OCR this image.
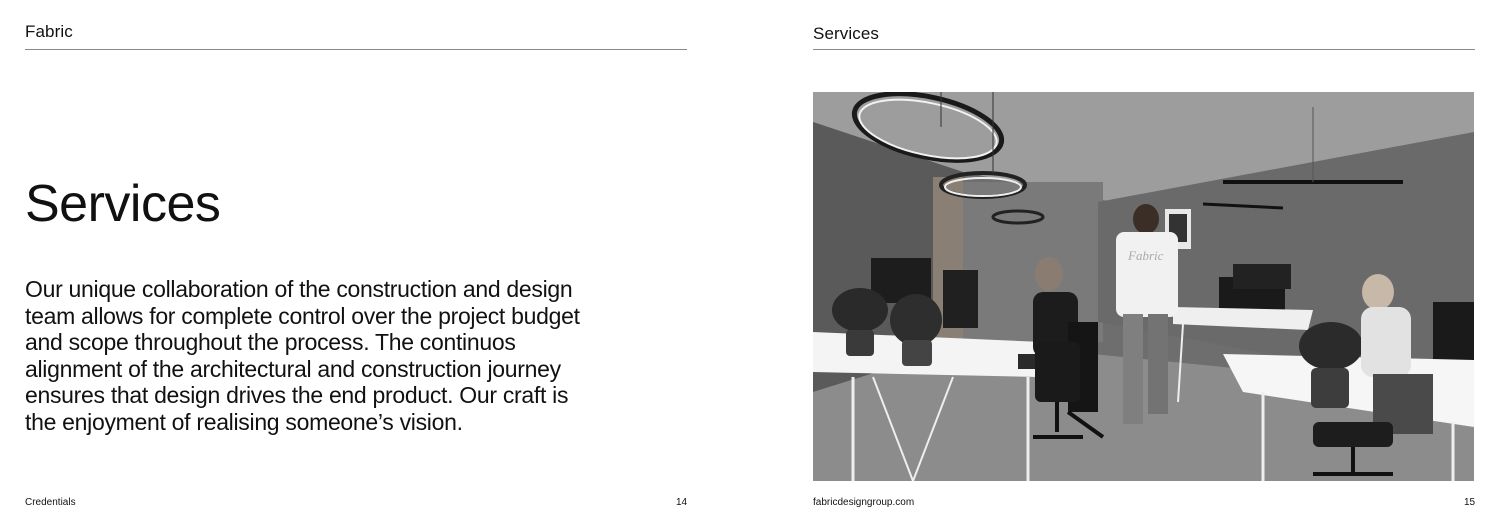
Fabric
Services
Our unique collaboration of the construction and design team allows for complete control over the project budget and scope throughout the process. The continuos alignment of the architectural and construction journey ensures that design drives the end product. Our craft is the enjoyment of realising someone’s vision.
Credentials	14
Services
Fabric
fabricdesigngroup.com	15
